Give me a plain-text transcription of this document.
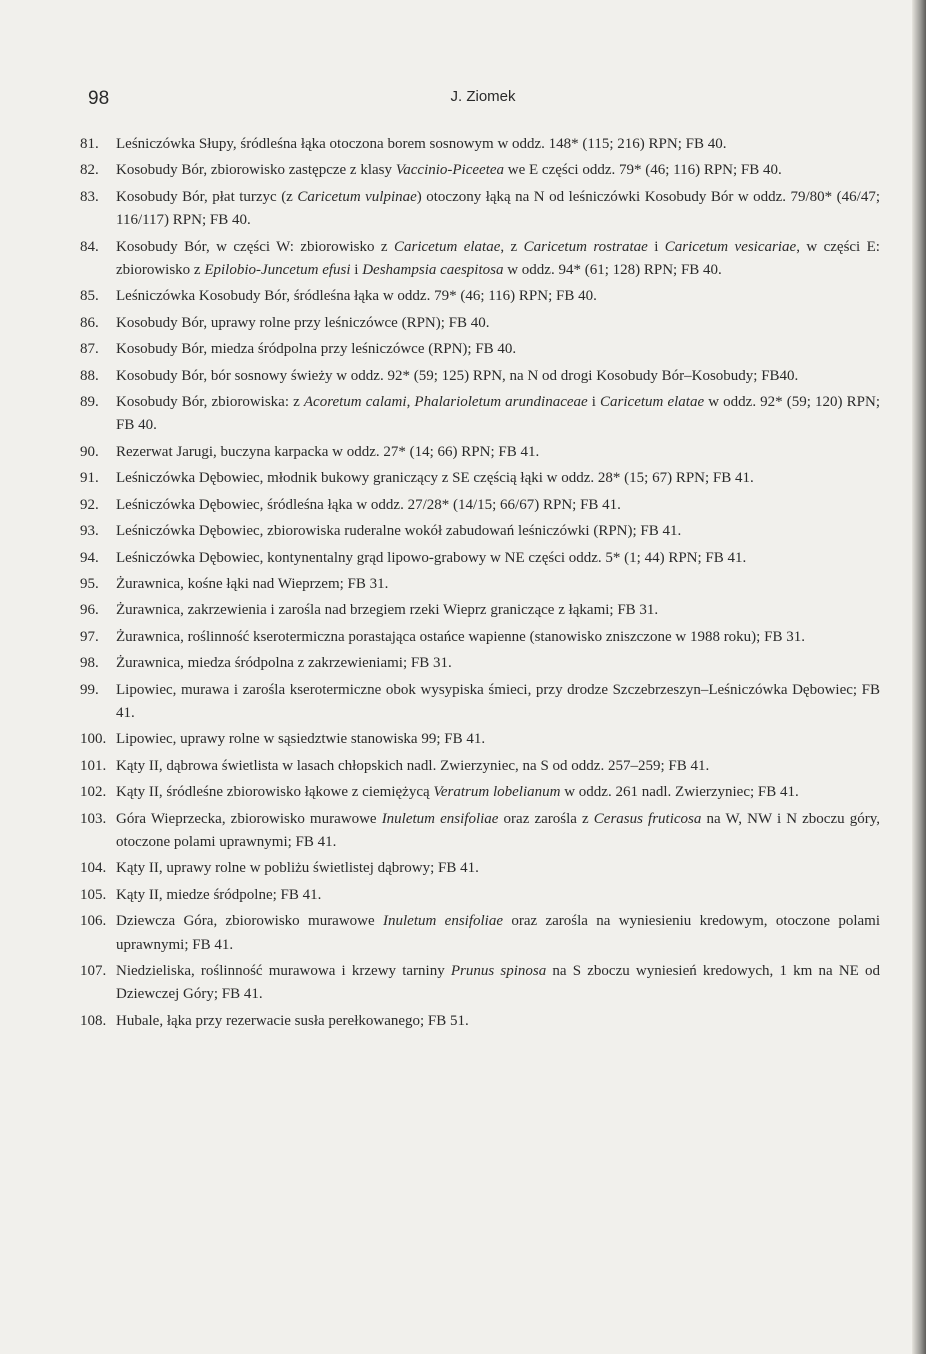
98	J. Ziomek

81. Leśniczówka Słupy, śródleśna łąka otoczona borem sosnowym w oddz. 148* (115; 216) RPN; FB 40.

82. Kosobudy Bór, zbiorowisko zastępcze z klasy Vaccinio-Piceetea we E części oddz. 79* (46; 116) RPN; FB 40.

83. Kosobudy Bór, płat turzyc (z Caricetum vulpinae) otoczony łąką na N od leśniczówki Kosobudy Bór w oddz. 79/80* (46/47; 116/117) RPN; FB 40.

84. Kosobudy Bór, w części W: zbiorowisko z Caricetum elatae, z Caricetum rostratae i Caricetum vesicariae, w części E: zbiorowisko z Epilobio-Juncetum efusi i Deshampsia caespitosa w oddz. 94* (61; 128) RPN; FB 40.

85. Leśniczówka Kosobudy Bór, śródleśna łąka w oddz. 79* (46; 116) RPN; FB 40.

86. Kosobudy Bór, uprawy rolne przy leśniczówce (RPN); FB 40.

87. Kosobudy Bór, miedza śródpolna przy leśniczówce (RPN); FB 40.

88. Kosobudy Bór, bór sosnowy świeży w oddz. 92* (59; 125) RPN, na N od drogi Kosobudy Bór–Kosobudy; FB40.

89. Kosobudy Bór, zbiorowiska: z Acoretum calami, Phalarioletum arundinaceae i Caricetum elatae w oddz. 92* (59; 120) RPN; FB 40.

90. Rezerwat Jarugi, buczyna karpacka w oddz. 27* (14; 66) RPN; FB 41.

91. Leśniczówka Dębowiec, młodnik bukowy graniczący z SE częścią łąki w oddz. 28* (15; 67) RPN; FB 41.

92. Leśniczówka Dębowiec, śródleśna łąka w oddz. 27/28* (14/15; 66/67) RPN; FB 41.

93. Leśniczówka Dębowiec, zbiorowiska ruderalne wokół zabudowań leśniczówki (RPN); FB 41.

94. Leśniczówka Dębowiec, kontynentalny grąd lipowo-grabowy w NE części oddz. 5* (1; 44) RPN; FB 41.

95. Żurawnica, kośne łąki nad Wieprzem; FB 31.

96. Żurawnica, zakrzewienia i zarośla nad brzegiem rzeki Wieprz graniczące z łąkami; FB 31.

97. Żurawnica, roślinność kserotermiczna porastająca ostańce wapienne (stanowisko zniszczone w 1988 roku); FB 31.

98. Żurawnica, miedza śródpolna z zakrzewieniami; FB 31.

99. Lipowiec, murawa i zarośla kserotermiczne obok wysypiska śmieci, przy drodze Szczebrzeszyn–Leśniczówka Dębowiec; FB 41.

100. Lipowiec, uprawy rolne w sąsiedztwie stanowiska 99; FB 41.

101. Kąty II, dąbrowa świetlista w lasach chłopskich nadl. Zwierzyniec, na S od oddz. 257–259; FB 41.

102. Kąty II, śródleśne zbiorowisko łąkowe z ciemiężycą Veratrum lobelianum w oddz. 261 nadl. Zwierzyniec; FB 41.

103. Góra Wieprzecka, zbiorowisko murawowe Inuletum ensifoliae oraz zarośla z Cerasus fruticosa na W, NW i N zboczu góry, otoczone polami uprawnymi; FB 41.

104. Kąty II, uprawy rolne w pobliżu świetlistej dąbrowy; FB 41.

105. Kąty II, miedze śródpolne; FB 41.

106. Dziewcza Góra, zbiorowisko murawowe Inuletum ensifoliae oraz zarośla na wyniesieniu kredowym, otoczone polami uprawnymi; FB 41.

107. Niedzieliska, roślinność murawowa i krzewy tarniny Prunus spinosa na S zboczu wyniesień kredowych, 1 km na NE od Dziewczej Góry; FB 41.

108. Hubale, łąka przy rezerwacie susła perełkowanego; FB 51.
